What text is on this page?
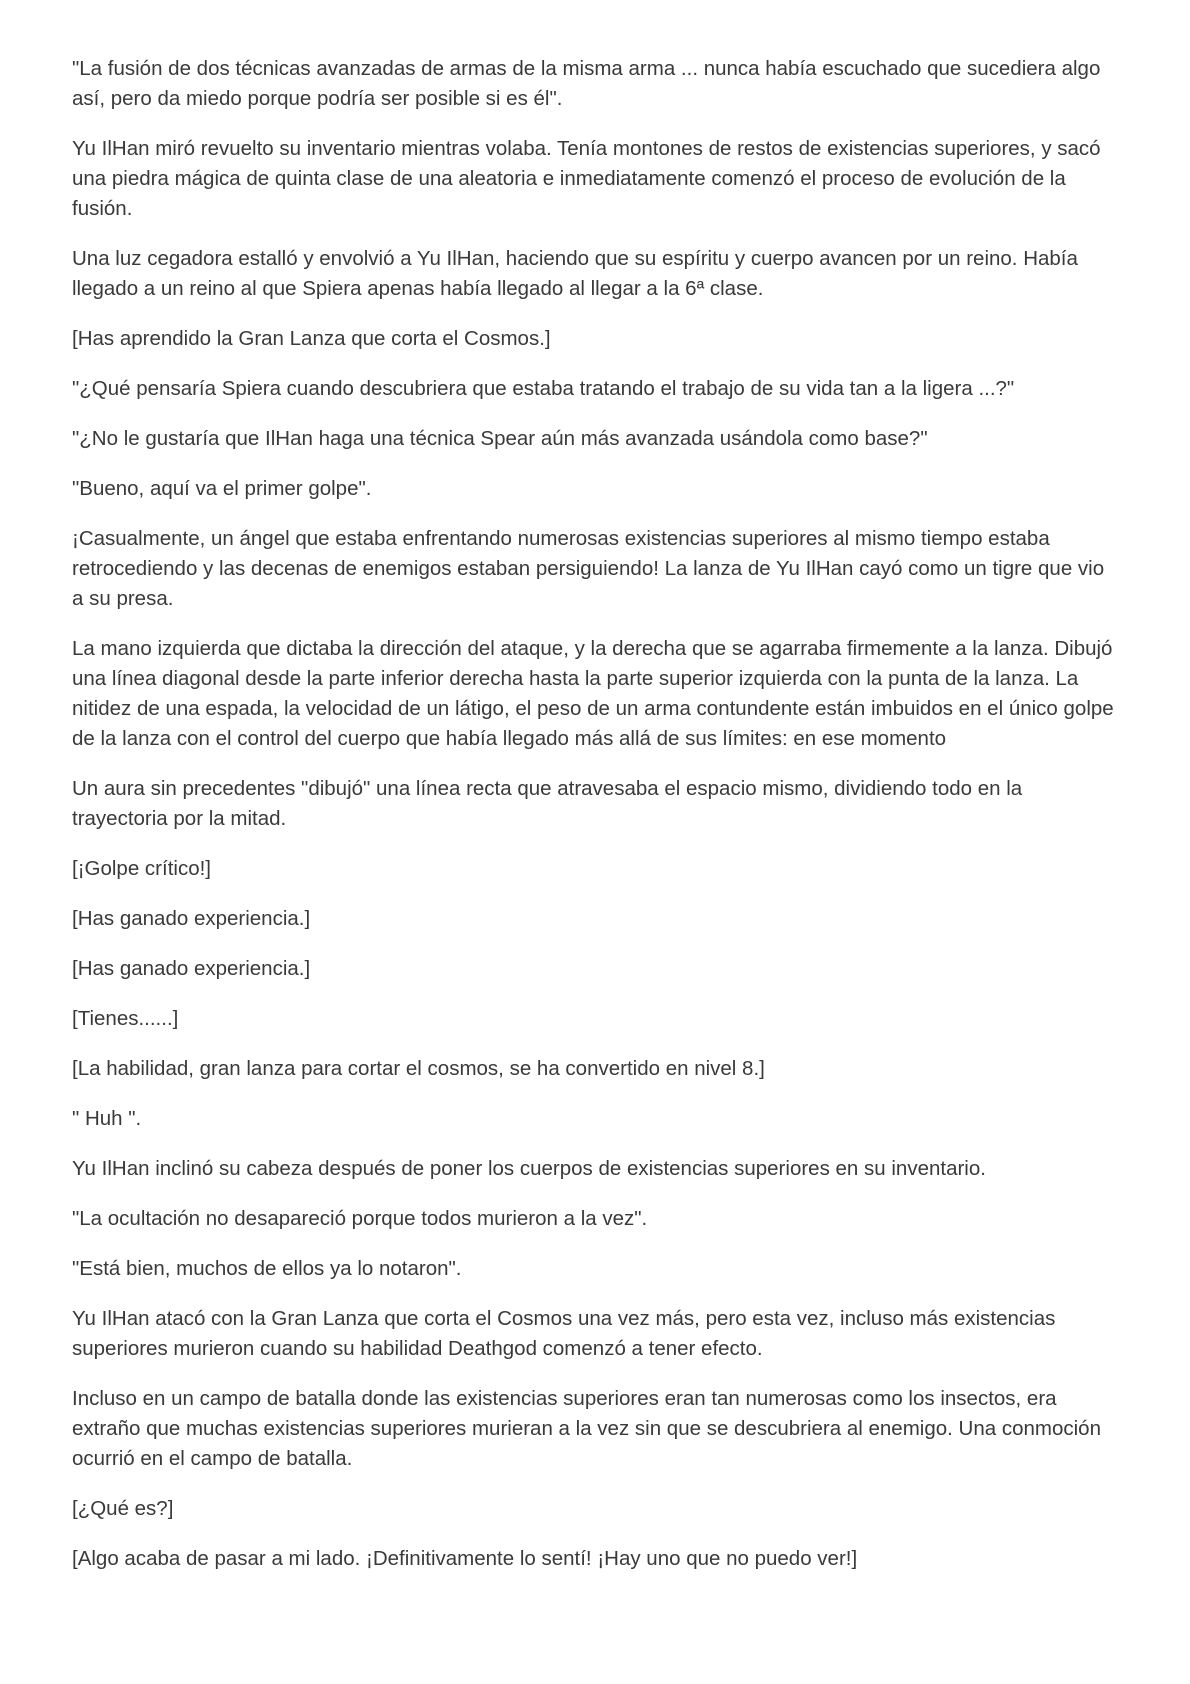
"La fusión de dos técnicas avanzadas de armas de la misma arma ... nunca había escuchado que sucediera algo así, pero da miedo porque podría ser posible si es él".

Yu IlHan miró revuelto su inventario mientras volaba. Tenía montones de restos de existencias superiores, y sacó una piedra mágica de quinta clase de una aleatoria e inmediatamente comenzó el proceso de evolución de la fusión.

Una luz cegadora estalló y envolvió a Yu IlHan, haciendo que su espíritu y cuerpo avancen por un reino. Había llegado a un reino al que Spiera apenas había llegado al llegar a la 6ª clase.

[Has aprendido la Gran Lanza que corta el Cosmos.]

"¿Qué pensaría Spiera cuando descubriera que estaba tratando el trabajo de su vida tan a la ligera ...?"

"¿No le gustaría que IlHan haga una técnica Spear aún más avanzada usándola como base?"

"Bueno, aquí va el primer golpe".

¡Casualmente, un ángel que estaba enfrentando numerosas existencias superiores al mismo tiempo estaba retrocediendo y las decenas de enemigos estaban persiguiendo! La lanza de Yu IlHan cayó como un tigre que vio a su presa.

La mano izquierda que dictaba la dirección del ataque, y la derecha que se agarraba firmemente a la lanza. Dibujó una línea diagonal desde la parte inferior derecha hasta la parte superior izquierda con la punta de la lanza. La nitidez de una espada, la velocidad de un látigo, el peso de un arma contundente están imbuidos en el único golpe de la lanza con el control del cuerpo que había llegado más allá de sus límites: en ese momento

Un aura sin precedentes "dibujó" una línea recta que atravesaba el espacio mismo, dividiendo todo en la trayectoria por la mitad.

[¡Golpe crítico!]

[Has ganado experiencia.]

[Has ganado experiencia.]

[Tienes......]

[La habilidad, gran lanza para cortar el cosmos, se ha convertido en nivel 8.]

" Huh ".

Yu IlHan inclinó su cabeza después de poner los cuerpos de existencias superiores en su inventario.

"La ocultación no desapareció porque todos murieron a la vez".

"Está bien, muchos de ellos ya lo notaron".

Yu IlHan atacó con la Gran Lanza que corta el Cosmos una vez más, pero esta vez, incluso más existencias superiores murieron cuando su habilidad Deathgod comenzó a tener efecto.

Incluso en un campo de batalla donde las existencias superiores eran tan numerosas como los insectos, era extraño que muchas existencias superiores murieran a la vez sin que se descubriera al enemigo. Una conmoción ocurrió en el campo de batalla.

[¿Qué es?]

[Algo acaba de pasar a mi lado. ¡Definitivamente lo sentí! ¡Hay uno que no puedo ver!]
